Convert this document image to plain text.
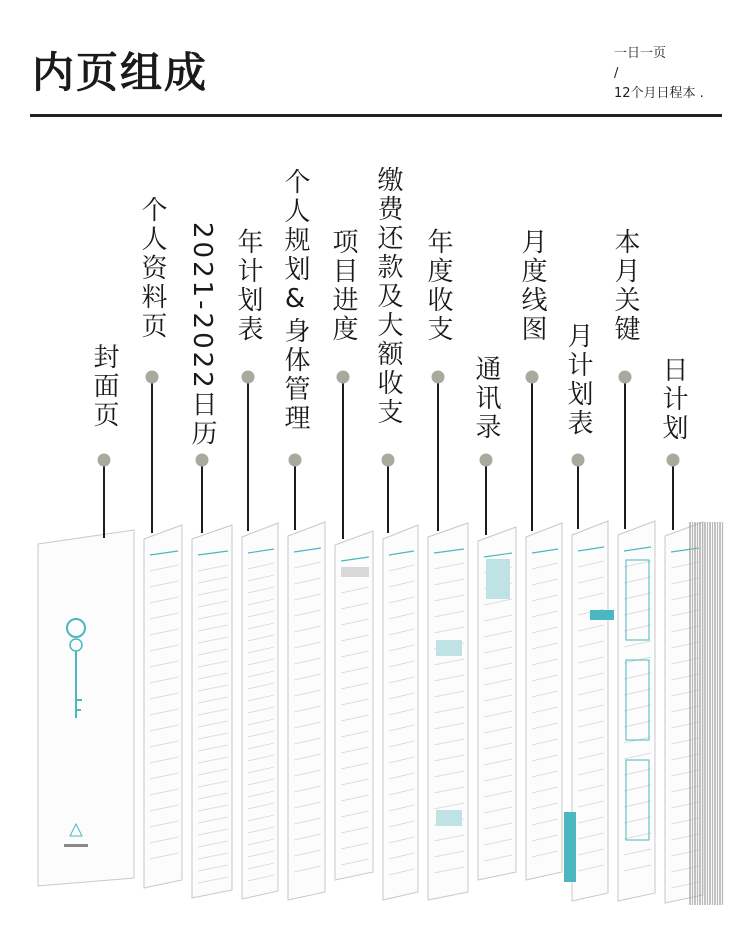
内页组成	一日一页
/
12个月日程本 .
封面页
个人资料页 2021-2022日历 年计划表 个人规划&身体管理 项目进度 缴费还款及大额收支 年度收支
通讯录
月度线图
月计划表
本月关键
日计划
